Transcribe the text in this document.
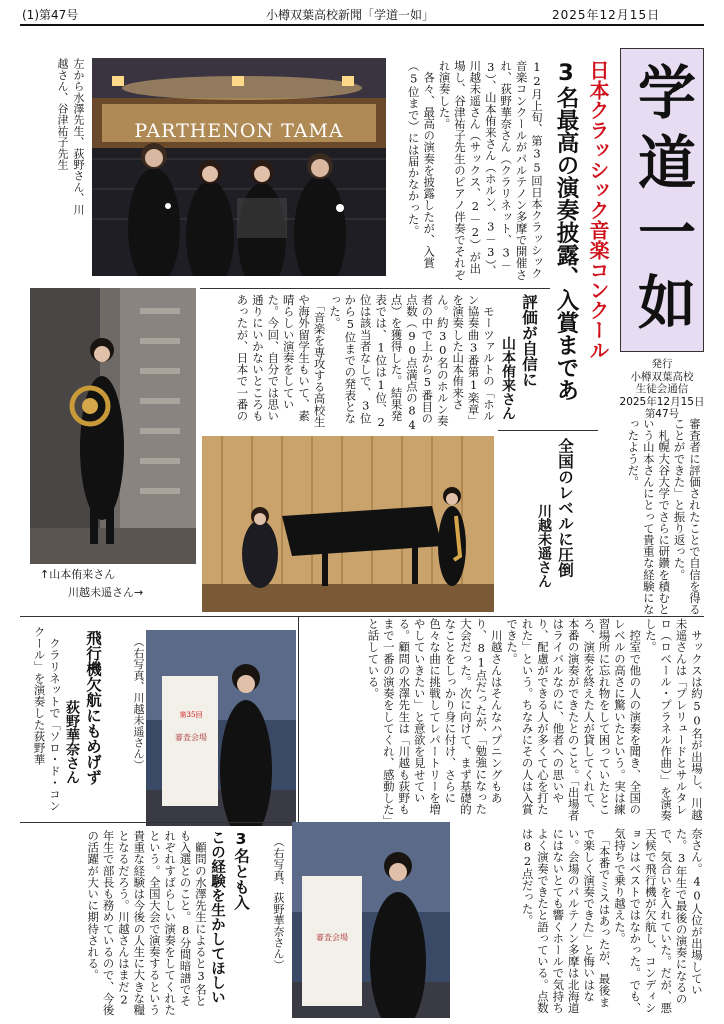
(1)第47号	小樽双葉高校新聞「学道一如」	2025年12月15日
PARTHENON TAMA
左から水澤先生、荻野さん、川越さん、谷津祐子先生	12月上旬、第35回日本クラッシック音楽コンクールがパルテノン多摩で開催され、荻野華奈さん（クラリネット、3－3）、山本侑来さん（ホルン、3－3）、川越未遥さん（サックス、2－2）が出場し、谷津祐子先生のピアノ伴奏でそれぞれ演奏した。
　各々、最高の演奏を披露したが、入賞（5位まで）には届かなかった。	日本クラッシック音楽コンクール
3名最高の演奏披露、入賞まであ
学道一如
発行
小樽双葉高校
生徒会通信
2025年12月15日
第47号
評価が自信に
山本侑来さん
　モーツァルトの「ホルン協奏曲3番第1楽章」を演奏した山本侑来さん。約30名のホルン奏者の中で上から5番目の点数（90点満点の84点）を獲得した。結果発表では、1位は1位、2位は該当者なしで、3位から5位までの発表となった。
　「音楽を専攻する高校生や海外留学生もいて、素晴らしい演奏をしていた。今回、自分では思い通りにいかないところもあったが、日本で一番の
審査者に評価されたことで自信を得ることができた」と振り返った。
　札幌大谷大学でさらに研鑽を積むという山本さんにとって貴重な経験になったようだ。
↑山本侑来さん
川越未遥さん→
全国のレベルに圧倒
川越未遥さん
　サックスは約50名が出場し、川越未遥さんは「プレリュードとサルタレロ（ロベール・プラネル作曲）」を演奏した。
　控室で他の人の演奏を聞き、全国のレベルの高さに驚いたという。実は練習場所に忘れ物をして困っていたところ、演奏を終えた人が貸してくれて、本番の演奏ができたとのこと。「出場者はライバルなのに、他者への思いやり、配慮ができる人が多くて心を打たれた」という。ちなみにその人は入賞できた。
　川越さんはそんなハプニングもあり、81点だったが、「勉強になった大会だった。次に向けて、まず基礎的なことをしっかり身に付け、さらに色々な曲に挑戦してレパートリーを増やしていきたい」と意欲を見せている。顧問の水澤先生は「川越も荻野もまで一番の演奏をしてくれ、感動した」と話している。
飛行機欠航にもめげず
荻野華奈さん
　クラリネットで「ソロ・ド・コンクール」を演奏した荻野華	第35回
審査会場
（右写真、川越未遥さん）
3名とも入
この経験を生かしてほしい
　顧問の水澤先生によると3名とも入選とのこと。8分間暗譜でそれぞれすばらしい演奏をしてくれたという。全国大会で演奏するという貴重な経験は今後の人生に大きな糧となるだろう。川越さんはまだ2年生で部長も務めているので、今後の活躍が大いに期待される。	審査会場
（右写真、荻野華奈さん）	奈さん。40人位が出場していた。3年生で最後の演奏になるので、気合いを入れていた。だが、悪天候で飛行機が欠航し、コンディションはベストではなかった。でも、気持ちで乗り越えた。
　「本番でミスはあったが、最後まで楽しく演奏できた」と悔いはない。会場のパルテノン多摩は北海道にはないとても響くホールで気持ちよく演奏できたと語っている。点数は82点だった。
